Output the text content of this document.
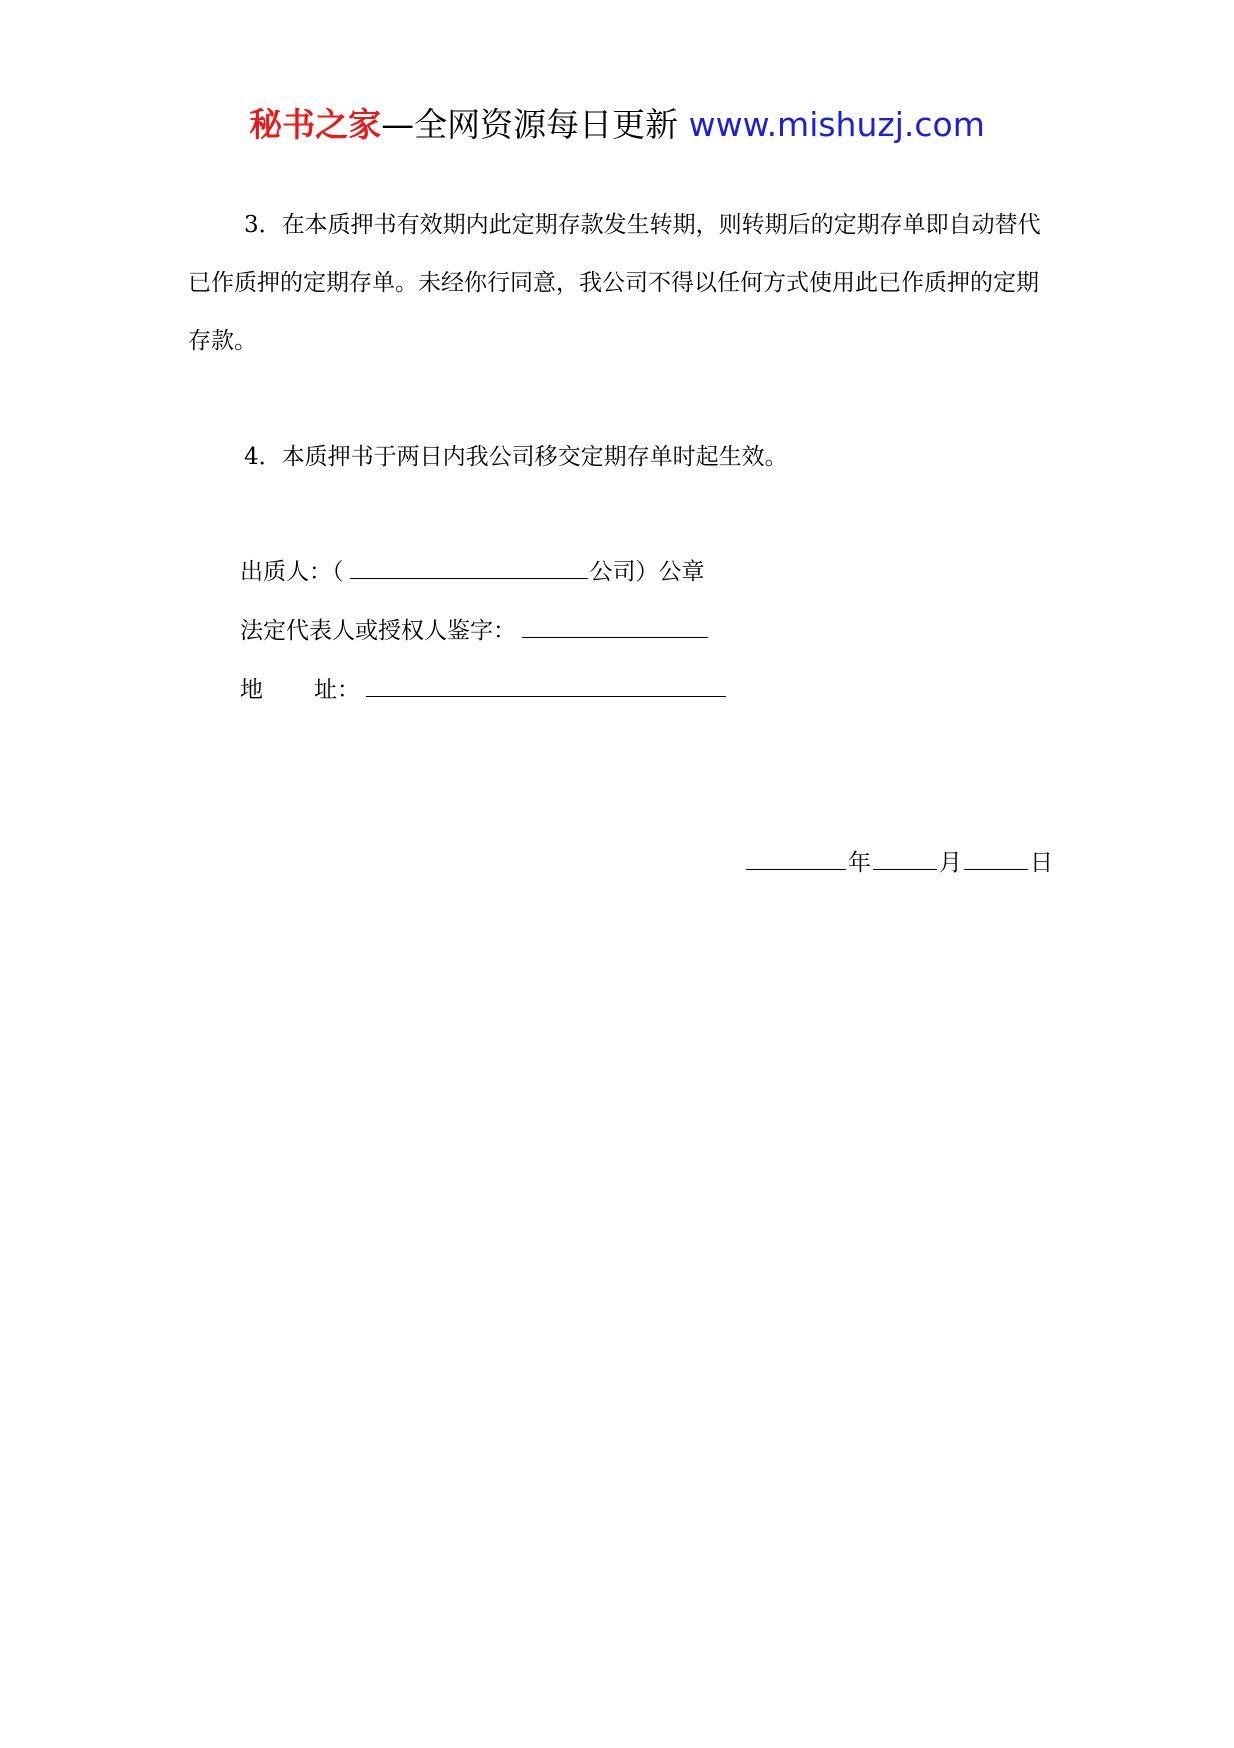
秘书之家—全网资源每日更新 www.mishuzj.com

3．在本质押书有效期内此定期存款发生转期，则转期后的定期存单即自动替代已作质押的定期存单。未经你行同意，我公司不得以任何方式使用此已作质押的定期存款。

4．本质押书于两日内我公司移交定期存单时起生效。

出质人：（	公司）公章
法定代表人或授权人鉴字：
地 址：
年	月	日
